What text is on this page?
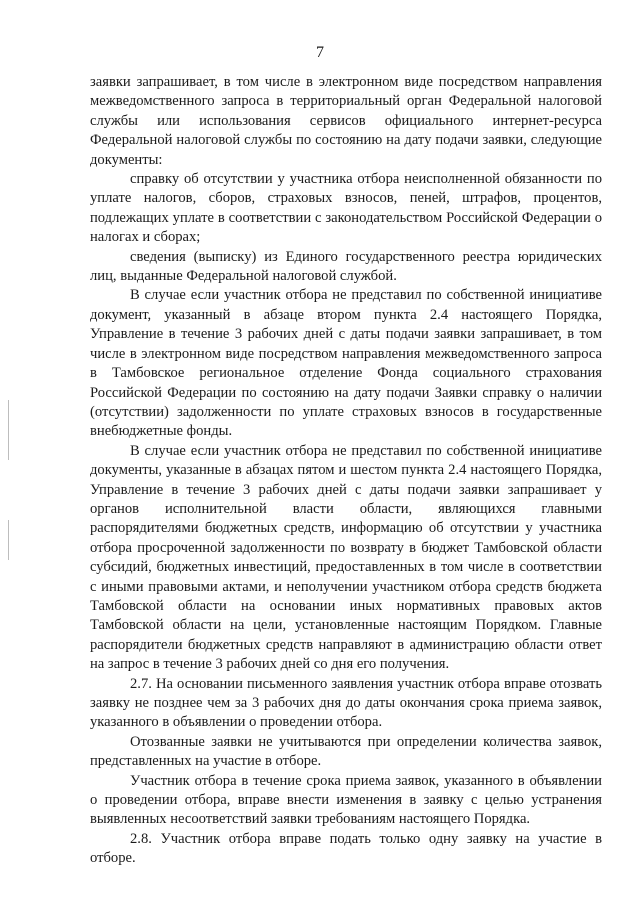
7

заявки запрашивает, в том числе в электронном виде посредством направления межведомственного запроса в территориальный орган Федеральной налоговой службы или использования сервисов официального интернет-ресурса Федеральной налоговой службы по состоянию на дату подачи заявки, следующие документы:

справку об отсутствии у участника отбора неисполненной обязанности по уплате налогов, сборов, страховых взносов, пеней, штрафов, процентов, подлежащих уплате в соответствии с законодательством Российской Федерации о налогах и сборах;

сведения (выписку) из Единого государственного реестра юридических лиц, выданные Федеральной налоговой службой.

В случае если участник отбора не представил по собственной инициативе документ, указанный в абзаце втором пункта 2.4 настоящего Порядка, Управление в течение 3 рабочих дней с даты подачи заявки запрашивает, в том числе в электронном виде посредством направления межведомственного запроса в Тамбовское региональное отделение Фонда социального страхования Российской Федерации по состоянию на дату подачи Заявки справку о наличии (отсутствии) задолженности по уплате страховых взносов в государственные внебюджетные фонды.

В случае если участник отбора не представил по собственной инициативе документы, указанные в абзацах пятом и шестом пункта 2.4 настоящего Порядка, Управление в течение 3 рабочих дней с даты подачи заявки запрашивает у органов исполнительной власти области, являющихся главными распорядителями бюджетных средств, информацию об отсутствии у участника отбора просроченной задолженности по возврату в бюджет Тамбовской области субсидий, бюджетных инвестиций, предоставленных в том числе в соответствии с иными правовыми актами, и неполучении участником отбора средств бюджета Тамбовской области на основании иных нормативных правовых актов Тамбовской области на цели, установленные настоящим Порядком. Главные распорядители бюджетных средств направляют в администрацию области ответ на запрос в течение 3 рабочих дней со дня его получения.

2.7. На основании письменного заявления участник отбора вправе отозвать заявку не позднее чем за 3 рабочих дня до даты окончания срока приема заявок, указанного в объявлении о проведении отбора.

Отозванные заявки не учитываются при определении количества заявок, представленных на участие в отборе.

Участник отбора в течение срока приема заявок, указанного в объявлении о проведении отбора, вправе внести изменения в заявку с целью устранения выявленных несоответствий заявки требованиям настоящего Порядка.

2.8. Участник отбора вправе подать только одну заявку на участие в отборе.
